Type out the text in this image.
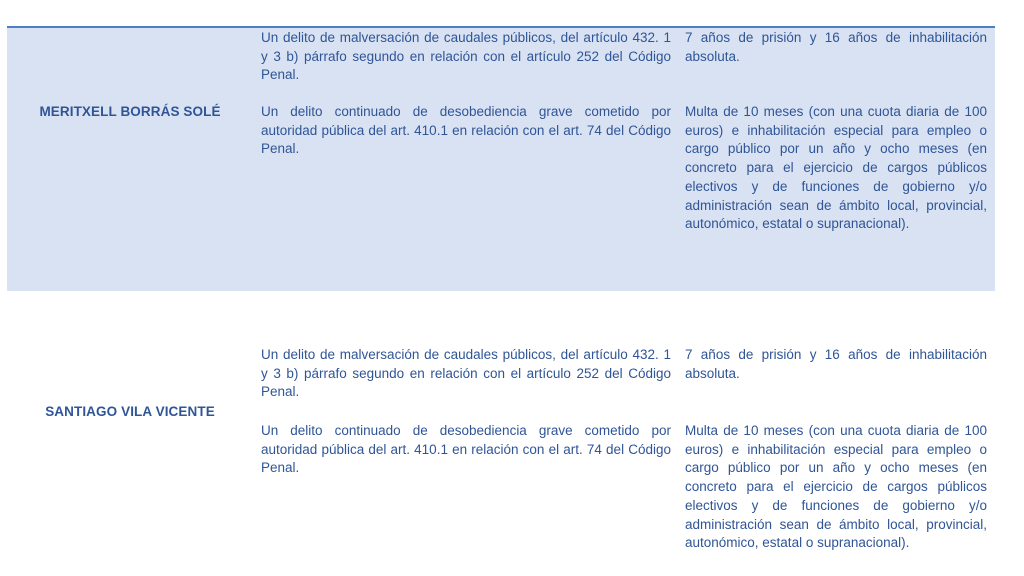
MERITXELL BORRÁS SOLÉ
Un delito de malversación de caudales públicos, del artículo 432. 1 y 3 b) párrafo segundo en relación con el artículo 252 del Código Penal.
7 años de prisión y 16 años de inhabilitación absoluta.
Un delito continuado de desobediencia grave cometido por autoridad pública del art. 410.1 en relación con el art. 74 del Código Penal.
Multa de 10 meses (con una cuota diaria de 100 euros) e inhabilitación especial para empleo o cargo público por un año y ocho meses (en concreto para el ejercicio de cargos públicos electivos y de funciones de gobierno y/o administración sean de ámbito local, provincial, autonómico, estatal o supranacional).
SANTIAGO VILA VICENTE
Un delito de malversación de caudales públicos, del artículo 432. 1 y 3 b) párrafo segundo en relación con el artículo 252 del Código Penal.
7 años de prisión y 16 años de inhabilitación absoluta.
Un delito continuado de desobediencia grave cometido por autoridad pública del art. 410.1 en relación con el art. 74 del Código Penal.
Multa de 10 meses (con una cuota diaria de 100 euros) e inhabilitación especial para empleo o cargo público por un año y ocho meses (en concreto para el ejercicio de cargos públicos electivos y de funciones de gobierno y/o administración sean de ámbito local, provincial, autonómico, estatal o supranacional).
